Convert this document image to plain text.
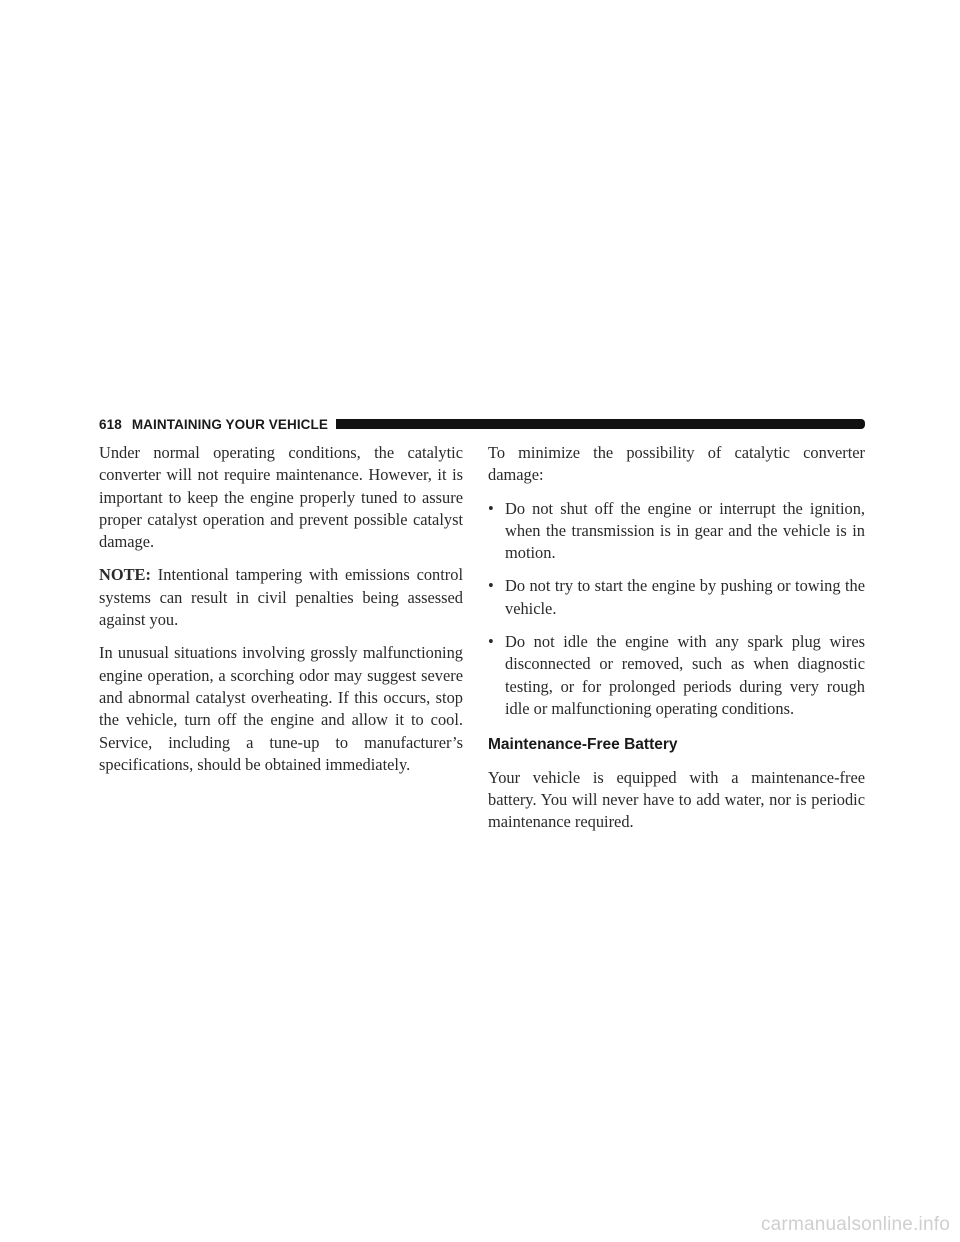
618 MAINTAINING YOUR VEHICLE

Under normal operating conditions, the catalytic converter will not require maintenance. However, it is important to keep the engine properly tuned to assure proper catalyst operation and prevent possible catalyst damage.

NOTE: Intentional tampering with emissions control systems can result in civil penalties being assessed against you.

In unusual situations involving grossly malfunctioning engine operation, a scorching odor may suggest severe and abnormal catalyst overheating. If this occurs, stop the vehicle, turn off the engine and allow it to cool. Service, including a tune-up to manufacturer’s specifications, should be obtained immediately.

To minimize the possibility of catalytic converter damage:

• Do not shut off the engine or interrupt the ignition, when the transmission is in gear and the vehicle is in motion.
• Do not try to start the engine by pushing or towing the vehicle.
• Do not idle the engine with any spark plug wires disconnected or removed, such as when diagnostic testing, or for prolonged periods during very rough idle or malfunctioning operating conditions.
Maintenance-Free Battery

Your vehicle is equipped with a maintenance-free battery. You will never have to add water, nor is periodic maintenance required.

carmanualsonline.info
